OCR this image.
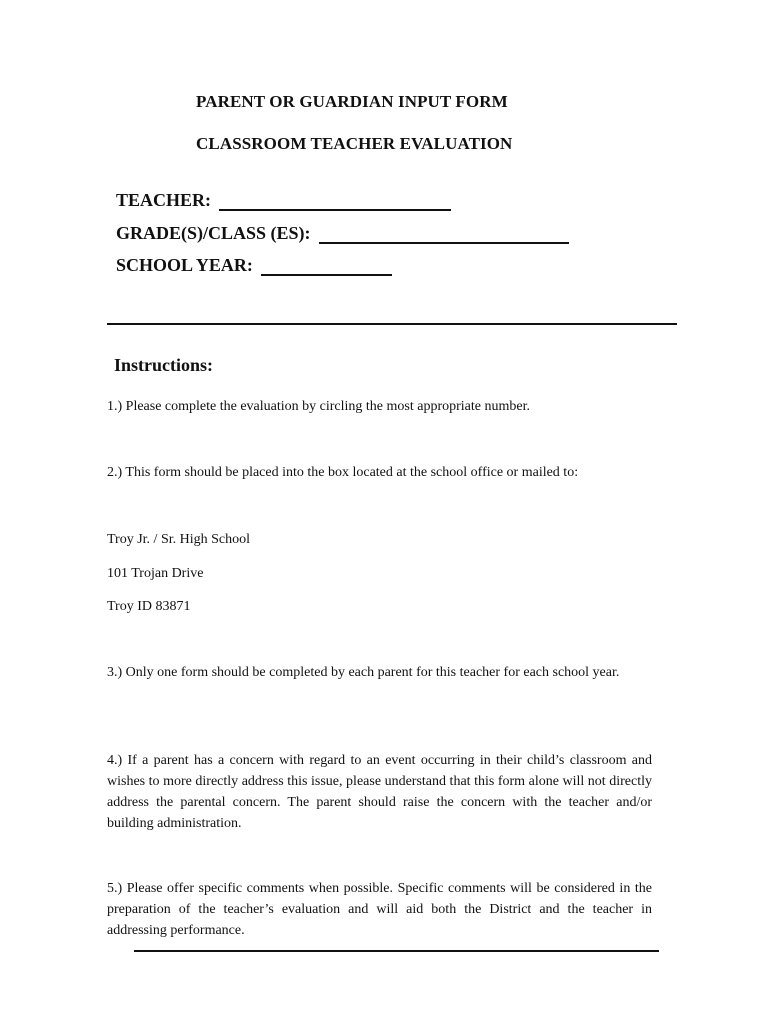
PARENT OR GUARDIAN INPUT FORM
CLASSROOM TEACHER EVALUATION
TEACHER:
GRADE(S)/CLASS (ES):
SCHOOL YEAR:
Instructions:
1.) Please complete the evaluation by circling the most appropriate number.
2.) This form should be placed into the box located at the school office or mailed to:
Troy Jr. / Sr. High School
101 Trojan Drive
Troy ID 83871
3.) Only one form should be completed by each parent for this teacher for each school year.
4.) If a parent has a concern with regard to an event occurring in their child’s classroom and wishes to more directly address this issue, please understand that this form alone will not directly address the parental concern. The parent should raise the concern with the teacher and/or building administration.
5.) Please offer specific comments when possible. Specific comments will be considered in the preparation of the teacher’s evaluation and will aid both the District and the teacher in addressing performance.
